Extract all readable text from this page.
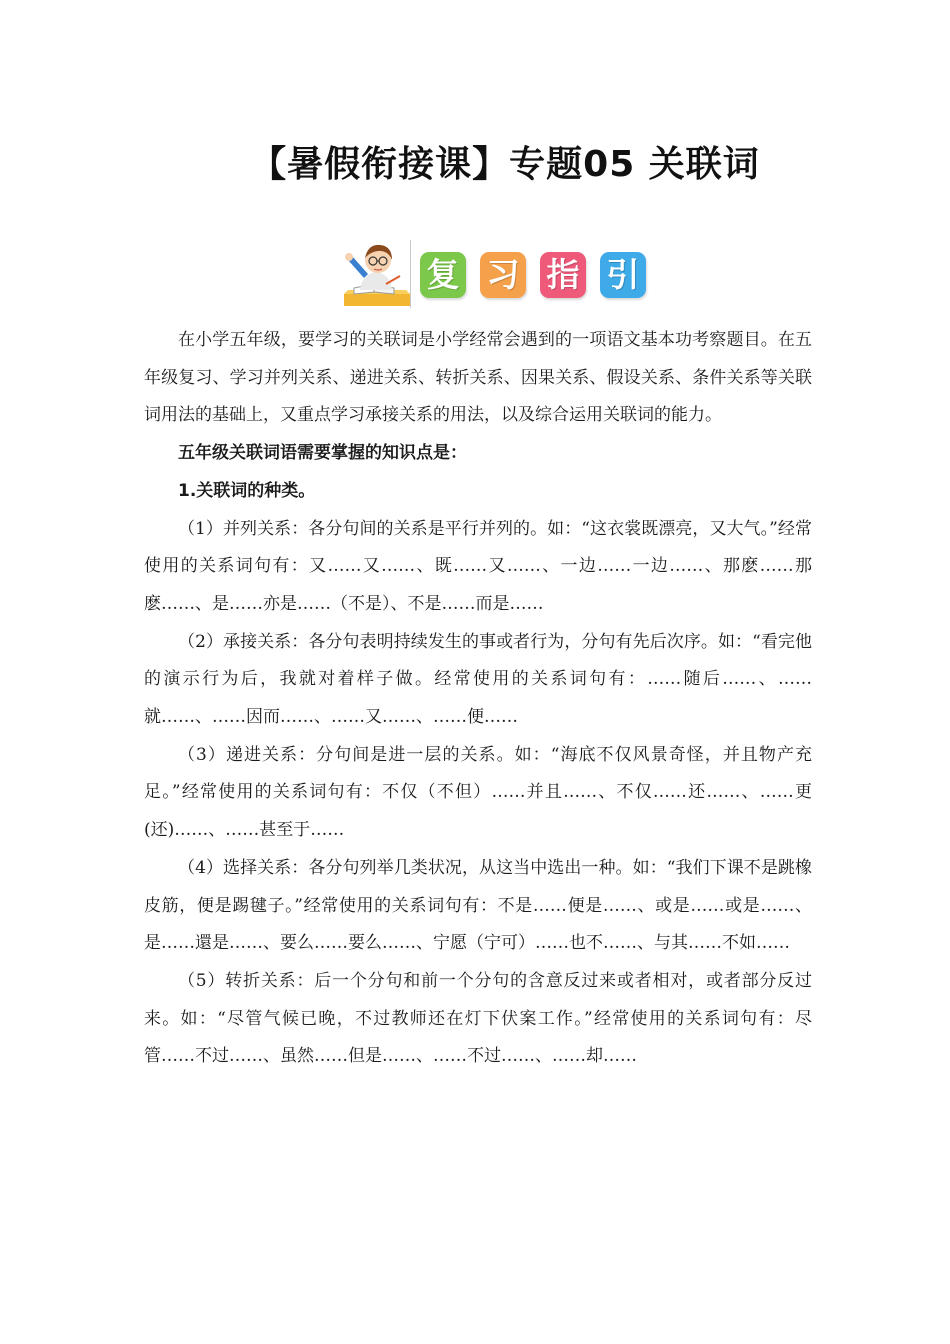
【暑假衔接课】专题05 关联词
复 习 指 引

在小学五年级，要学习的关联词是小学经常会遇到的一项语文基本功考察题目。在五年级复习、学习并列关系、递进关系、转折关系、因果关系、假设关系、条件关系等关联词用法的基础上，又重点学习承接关系的用法，以及综合运用关联词的能力。

五年级关联词语需要掌握的知识点是：

1.关联词的种类。

（1）并列关系：各分句间的关系是平行并列的。如：“这衣裳既漂亮，又大气。”经常使用的关系词句有：又……又……、既……又……、一边……一边……、那麽……那麽……、是……亦是……（不是）、不是……而是……

（2）承接关系：各分句表明持续发生的事或者行为，分句有先后次序。如：“看完他的演示行为后，我就对着样子做。经常使用的关系词句有：……随后……、……就……、……因而……、……又……、……便……

（3）递进关系：分句间是进一层的关系。如：“海底不仅风景奇怪，并且物产充足。”经常使用的关系词句有：不仅（不但）……并且……、不仅……还……、……更(还)……、……甚至于……

（4）选择关系：各分句列举几类状况，从这当中选出一种。如：“我们下课不是跳橡皮筋，便是踢毽子。”经常使用的关系词句有：不是……便是……、或是……或是……、是……還是……、要么……要么……、宁愿（宁可）……也不……、与其……不如……

（5）转折关系：后一个分句和前一个分句的含意反过来或者相对，或者部分反过来。如：“尽管气候已晚，不过教师还在灯下伏案工作。”经常使用的关系词句有：尽管……不过……、虽然……但是……、……不过……、……却……
